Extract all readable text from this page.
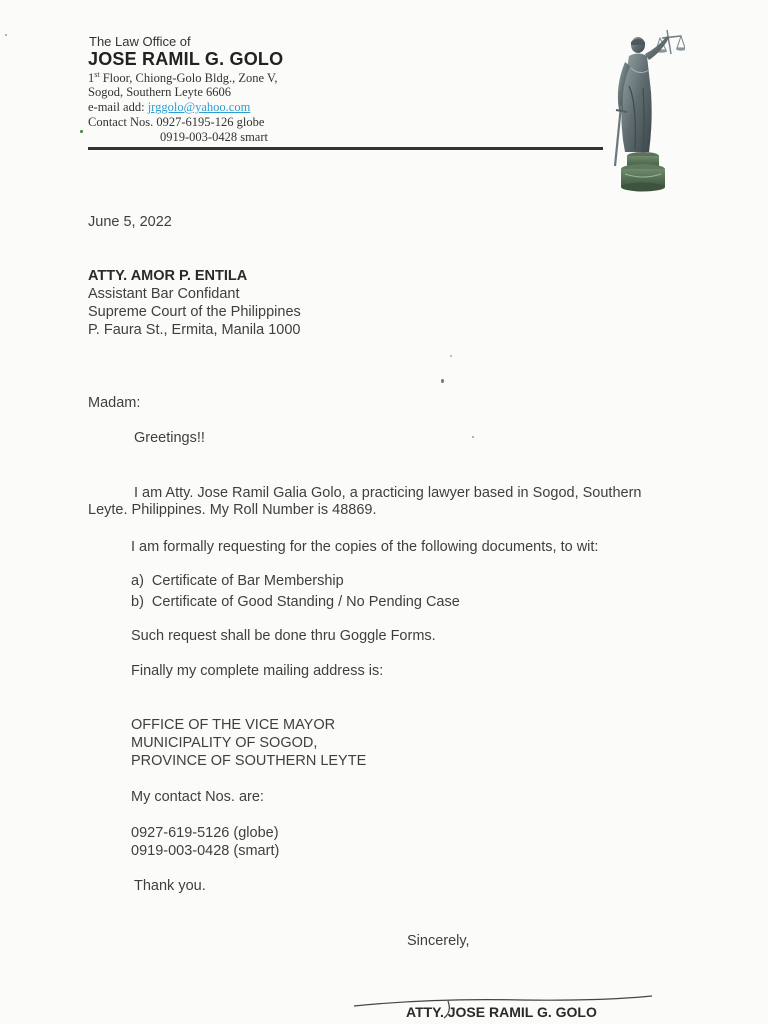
The Law Office of
JOSE RAMIL G. GOLO
1st Floor, Chiong-Golo Bldg., Zone V,
Sogod, Southern Leyte 6606
e-mail add: jrggolo@yahoo.com
Contact Nos. 0927-6195-126 globe
0919-003-0428 smart
June 5, 2022
ATTY. AMOR P. ENTILA
Assistant Bar Confidant
Supreme Court of the Philippines
P. Faura St., Ermita, Manila 1000
Madam:
Greetings!!
I am Atty. Jose Ramil Galia Golo, a practicing lawyer based in Sogod, Southern
Leyte. Philippines. My Roll Number is 48869.
I am formally requesting for the copies of the following documents, to wit:
a) Certificate of Bar Membership
b) Certificate of Good Standing / No Pending Case
Such request shall be done thru Goggle Forms.
Finally my complete mailing address is:
OFFICE OF THE VICE MAYOR
MUNICIPALITY OF SOGOD,
PROVINCE OF SOUTHERN LEYTE
My contact Nos. are:
0927-619-5126 (globe)
0919-003-0428 (smart)
Thank you.
Sincerely,
ATTY. JOSE RAMIL G. GOLO
